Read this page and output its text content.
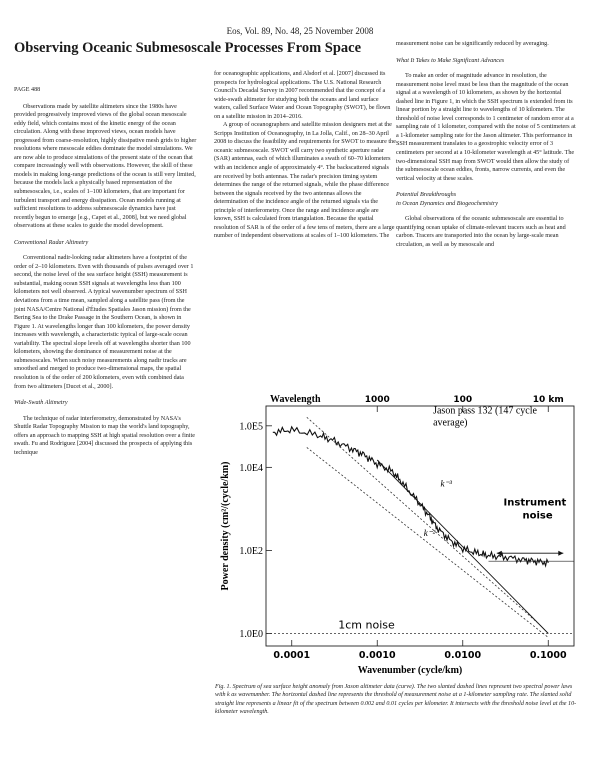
Eos, Vol. 89, No. 48, 25 November 2008
Observing Oceanic Submesoscale Processes From Space

PAGE 488

Observations made by satellite altimeters since the 1980s have provided progressively improved views of the global ocean mesoscale eddy field, which contains most of the kinetic energy of the ocean circulation. Along with these improved views, ocean models have progressed from coarse-resolution, highly dissipative mesh grids to higher resolutions where mesoscale eddies dominate the model simulations. We are now able to produce simulations of the present state of the ocean that compare increasingly well with observations. However, the skill of these models in making long-range predictions of the ocean is still very limited, because the models lack a physically based representation of the submesoscales, i.e., scales of 1–100 kilometers, that are important for turbulent transport and energy dissipation. Ocean models running at sufficient resolutions to address submesoscale dynamics have just recently begun to emerge [e.g., Capet et al., 2008], but we need global observations at these scales to guide the model development.

Conventional Radar Altimetry

Conventional nadir-looking radar altimeters have a footprint of the order of 2–10 kilometers. Even with thousands of pulses averaged over 1 second, the noise level of the sea surface height (SSH) measurement is substantial, making ocean SSH signals at wavelengths less than 100 kilometers not well observed. A typical wavenumber spectrum of SSH deviations from a time mean, sampled along a satellite pass (from the joint NASA/Centre National d'Études Spatiales Jason mission) from the Bering Sea to the Drake Passage in the Southern Ocean, is shown in Figure 1. At wavelengths longer than 100 kilometers, the power density increases with wavelength, a characteristic typical of large-scale ocean variability. The spectral slope levels off at wavelengths shorter than 100 kilometers, showing the dominance of measurement noise at the submesoscales. When such noisy measurements along nadir tracks are smoothed and merged to produce two-dimensional maps, the spatial resolution is of the order of 200 kilometers, even with combined data from two altimeters [Ducet et al., 2000].

Wide-Swath Altimetry

The technique of radar interferometry, demonstrated by NASA's Shuttle Radar Topography Mission to map the world's land topography, offers an approach to mapping SSH at high spatial resolution over a finite swath. Fu and Rodriguez [2004] discussed the prospects of applying this technique

for oceanographic applications, and Alsdorf et al. [2007] discussed its prospects for hydrological applications. The U.S. National Research Council's Decadal Survey in 2007 recommended that the concept of a wide-swath altimeter for studying both the oceans and land surface waters, called Surface Water and Ocean Topography (SWOT), be flown on a satellite mission in 2014–2016.

A group of oceanographers and satellite mission designers met at the Scripps Institution of Oceanography, in La Jolla, Calif., on 28–30 April 2008 to discuss the feasibility and requirements for SWOT to measure the oceanic submesoscale. SWOT will carry two synthetic aperture radar (SAR) antennas, each of which illuminates a swath of 60–70 kilometers with an incidence angle of approximately 4°. The backscattered signals are received by both antennas. The radar's precision timing system determines the range of the returned signals, while the phase difference between the signals received by the two antennas allows the determination of the incidence angle of the returned signals via the principle of interferometry. Once the range and incidence angle are known, SSH is calculated from triangulation. Because the spatial resolution of SAR is of the order of a few tens of meters, there are a large number of independent observations at scales of 1–100 kilometers. The

measurement noise can be significantly reduced by averaging.

What It Takes to Make Significant Advances

To make an order of magnitude advance in resolution, the measurement noise level must be less than the magnitude of the ocean signal at a wavelength of 10 kilometers, as shown by the horizontal dashed line in Figure 1, in which the SSH spectrum is extended from its linear portion by a straight line to wavelengths of 10 kilometers. The threshold of noise level corresponds to 1 centimeter of random error at a sampling rate of 1 kilometer, compared with the noise of 5 centimeters at a 1-kilometer sampling rate for the Jason altimeter. This performance in SSH measurement translates to a geostrophic velocity error of 3 centimeters per second at a 10-kilometer wavelength at 45° latitude. The two-dimensional SSH map from SWOT would then allow the study of the submesoscale ocean eddies, fronts, narrow currents, and even the vertical velocity at these scales.

Potential Breakthroughs

in Ocean Dynamics and Biogeochemistry

Global observations of the oceanic submesoscale are essential to quantifying ocean uptake of climate-relevant tracers such as heat and carbon. Tracers are transported into the ocean by large-scale mean circulation, as well as by mesoscale and

0.0001	0.0010	0.0100	0.1000
1000	100	10 km
Wavelength
1.0E0
1.0E2
1.0E4
1.0E5
Wavenumber (cycle/km)
Power density (cm²/(cycle/km)
Jason pass 132 (147 cycle
average)
Instrument
noise
1cm noise
k⁻³
k⁻²
Fig. 1. Spectrum of sea surface height anomaly from Jason altimeter data (curve). The two slanted dashed lines represent two spectral power laws with k as wavenumber. The horizontal dashed line represents the threshold of measurement noise at a 1-kilometer sampling rate. The slanted solid straight line represents a linear fit of the spectrum between 0.002 and 0.01 cycles per kilometer. It intersects with the threshold noise level at the 10-kilometer wavelength.
